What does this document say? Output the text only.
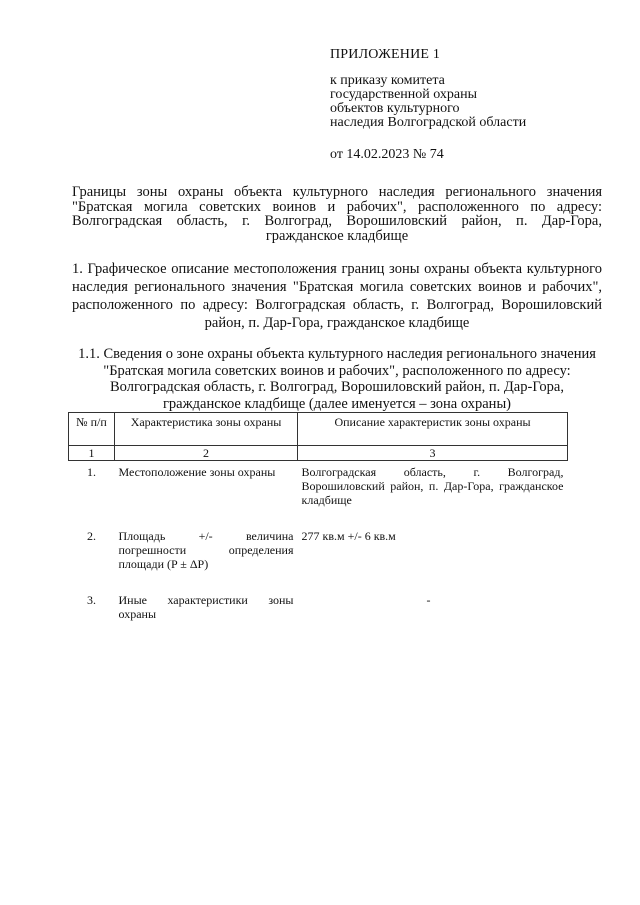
ПРИЛОЖЕНИЕ 1
к приказу комитета
государственной охраны
объектов культурного
наследия Волгоградской области
от 14.02.2023 № 74
Границы зоны охраны объекта культурного наследия регионального значения "Братская могила советских воинов и рабочих", расположенного по адресу: Волгоградская область, г. Волгоград, Ворошиловский район, п. Дар-Гора, гражданское кладбище
1. Графическое описание местоположения границ зоны охраны объекта культурного наследия регионального значения "Братская могила советских воинов и рабочих", расположенного по адресу: Волгоградская область, г. Волгоград, Ворошиловский район, п. Дар-Гора, гражданское кладбище
1.1. Сведения о зоне охраны объекта культурного наследия регионального значения "Братская могила советских воинов и рабочих", расположенного по адресу: Волгоградская область, г. Волгоград, Ворошиловский район, п. Дар-Гора, гражданское кладбище (далее именуется – зона охраны)
№ п/п	Характеристика зоны охраны	Описание характеристик зоны охраны
1	2	3
1.	Местоположение зоны охраны	Волгоградская область, г. Волгоград, Ворошиловский район, п. Дар-Гора, гражданское кладбище
2.	Площадь +/- величина погрешности определения площади (P ± ΔP)	277 кв.м +/- 6 кв.м
3.	Иные характеристики зоны охраны	-
